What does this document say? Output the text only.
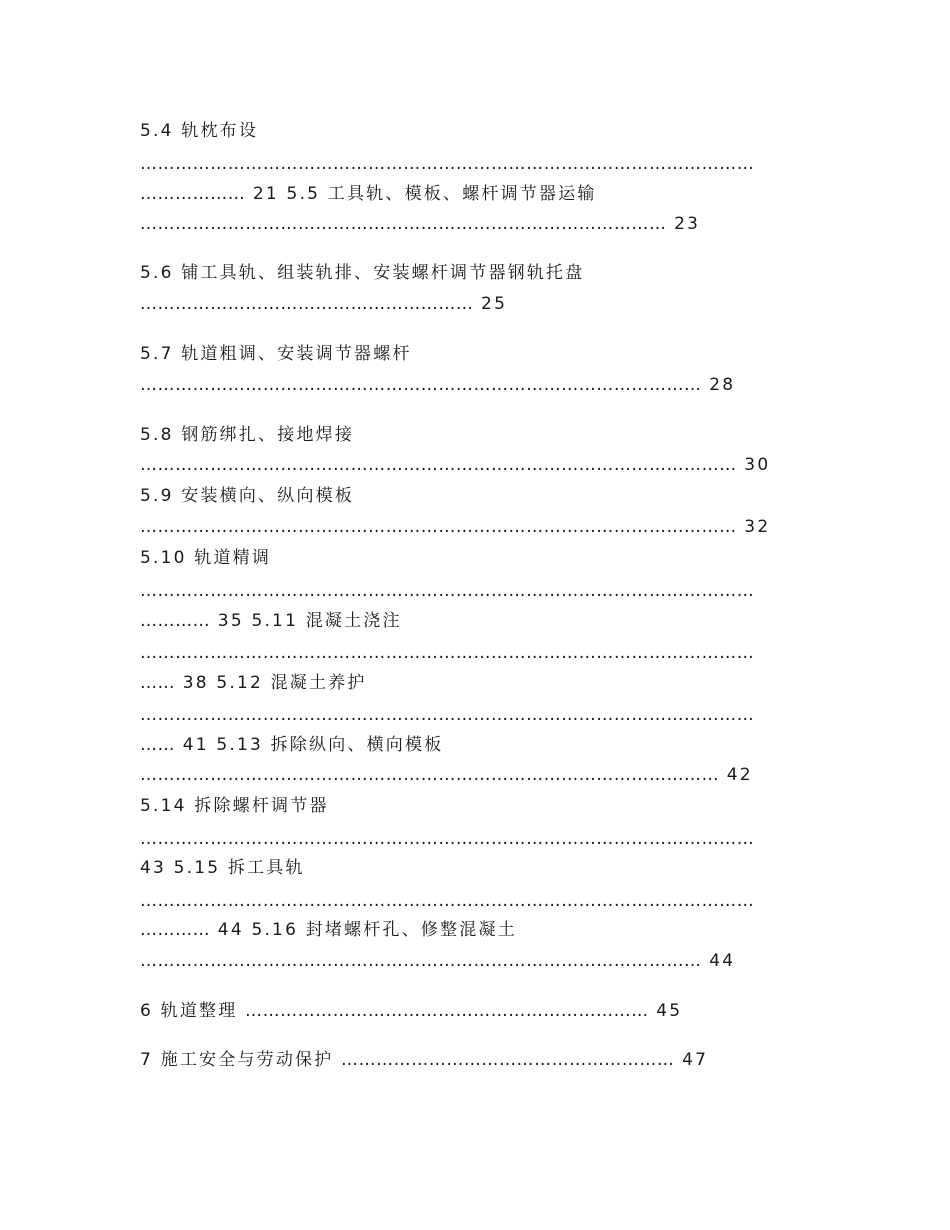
5.4 轨枕布设
……………………………………………………………………………………………
……………… 21 5.5 工具轨、模板、螺杆调节器运输
……………………………………………………………………………… 23
5.6 铺工具轨、组装轨排、安装螺杆调节器钢轨托盘
………………………………………………… 25
5.7 轨道粗调、安装调节器螺杆
…………………………………………………………………………………… 28
5.8 钢筋绑扎、接地焊接
………………………………………………………………………………………… 30
5.9 安装横向、纵向模板
………………………………………………………………………………………… 32
5.10 轨道精调
……………………………………………………………………………………………
………… 35 5.11 混凝土浇注
……………………………………………………………………………………………
…… 38 5.12 混凝土养护
……………………………………………………………………………………………
…… 41 5.13 拆除纵向、横向模板
……………………………………………………………………………………… 42
5.14 拆除螺杆调节器
……………………………………………………………………………………………
43 5.15 拆工具轨
……………………………………………………………………………………………
………… 44 5.16 封堵螺杆孔、修整混凝土
…………………………………………………………………………………… 44
6 轨道整理 …………………………………………………………… 45
7 施工安全与劳动保护 ………………………………………………… 47
